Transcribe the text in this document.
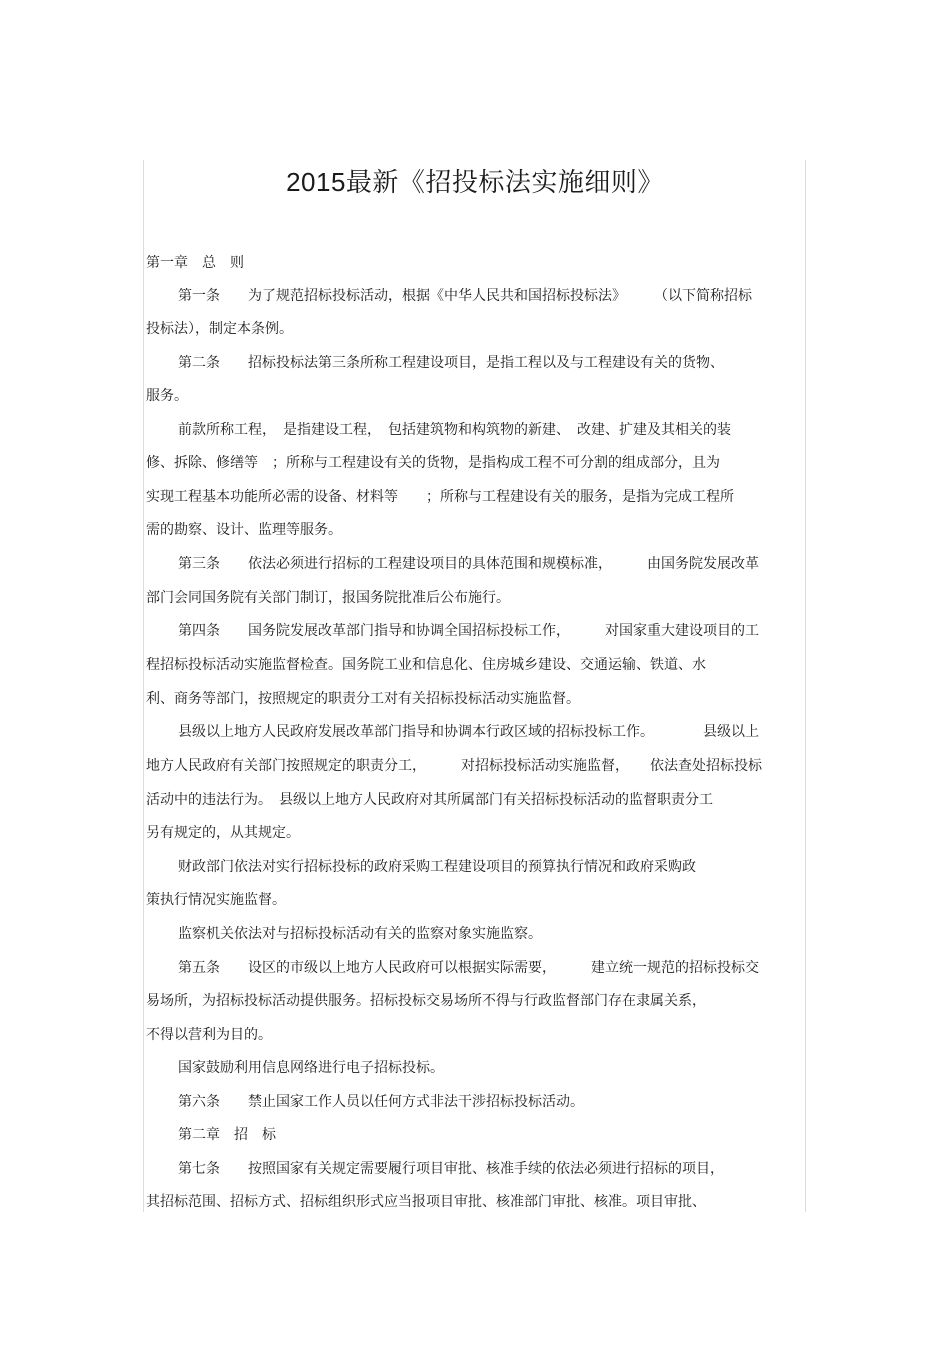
2015最新《招投标法实施细则》
第一章　总　则
第一条　　为了规范招标投标活动，根据《中华人民共和国招标投标法》　　　（以下简称招标
投标法），制定本条例。
第二条　　招标投标法第三条所称工程建设项目，是指工程以及与工程建设有关的货物、
服务。
前款所称工程，　是指建设工程，　包括建筑物和构筑物的新建、　改建、扩建及其相关的装
修、拆除、修缮等　；所称与工程建设有关的货物，是指构成工程不可分割的组成部分，且为
实现工程基本功能所必需的设备、材料等　　；所称与工程建设有关的服务，是指为完成工程所
需的勘察、设计、监理等服务。
第三条　　依法必须进行招标的工程建设项目的具体范围和规模标准，　　　由国务院发展改革
部门会同国务院有关部门制订，报国务院批准后公布施行。
第四条　　国务院发展改革部门指导和协调全国招标投标工作，　　　对国家重大建设项目的工
程招标投标活动实施监督检查。国务院工业和信息化、住房城乡建设、交通运输、铁道、水
利、商务等部门，按照规定的职责分工对有关招标投标活动实施监督。
县级以上地方人民政府发展改革部门指导和协调本行政区域的招标投标工作。　　　　县级以上
地方人民政府有关部门按照规定的职责分工，　　　对招标投标活动实施监督，　　依法查处招标投标
活动中的违法行为。　县级以上地方人民政府对其所属部门有关招标投标活动的监督职责分工
另有规定的，从其规定。
财政部门依法对实行招标投标的政府采购工程建设项目的预算执行情况和政府采购政
策执行情况实施监督。
监察机关依法对与招标投标活动有关的监察对象实施监察。
第五条　　设区的市级以上地方人民政府可以根据实际需要，　　　建立统一规范的招标投标交
易场所，为招标投标活动提供服务。招标投标交易场所不得与行政监督部门存在隶属关系，
不得以营利为目的。
国家鼓励利用信息网络进行电子招标投标。
第六条　　禁止国家工作人员以任何方式非法干涉招标投标活动。
第二章　招　标
第七条　　按照国家有关规定需要履行项目审批、核准手续的依法必须进行招标的项目，
其招标范围、招标方式、招标组织形式应当报项目审批、核准部门审批、核准。项目审批、
